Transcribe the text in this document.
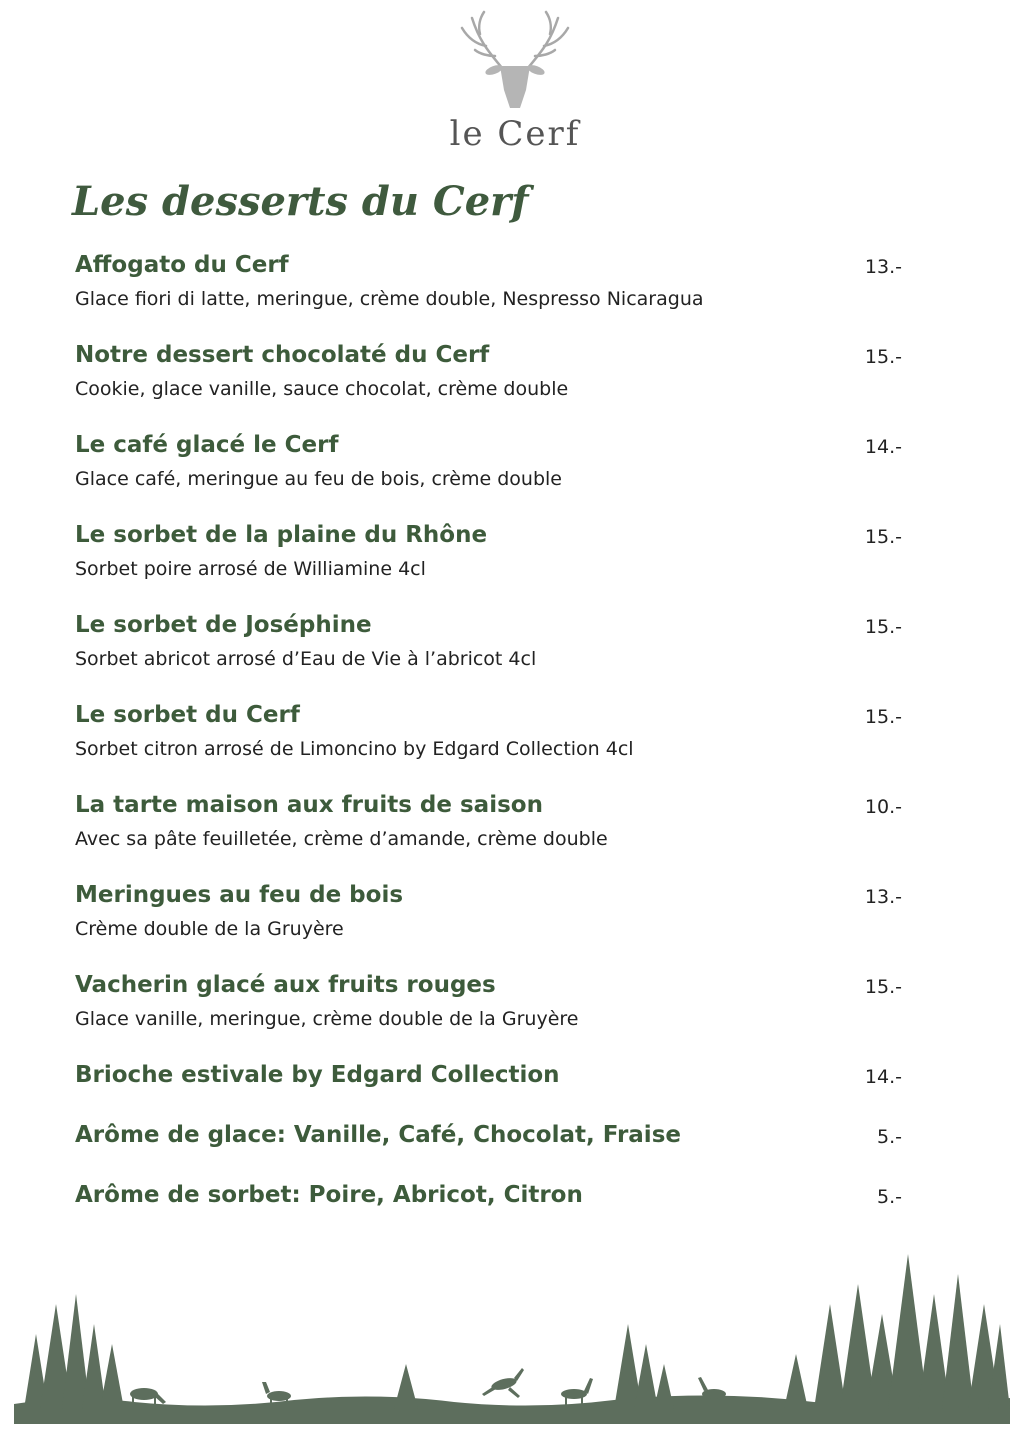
le Cerf
Les desserts du Cerf
Affogato du Cerf	13.-
Glace fiori di latte, meringue, crème double, Nespresso Nicaragua
Notre dessert chocolaté du Cerf	15.-
Cookie, glace vanille, sauce chocolat, crème double
Le café glacé le Cerf	14.-
Glace café, meringue au feu de bois, crème double
Le sorbet de la plaine du Rhône	15.-
Sorbet poire arrosé de Williamine 4cl
Le sorbet de Joséphine	15.-
Sorbet abricot arrosé d’Eau de Vie à l’abricot 4cl
Le sorbet du Cerf	15.-
Sorbet citron arrosé de Limoncino by Edgard Collection 4cl
La tarte maison aux fruits de saison	10.-
Avec sa pâte feuilletée, crème d’amande, crème double
Meringues au feu de bois	13.-
Crème double de la Gruyère
Vacherin glacé aux fruits rouges	15.-
Glace vanille, meringue, crème double de la Gruyère
Brioche estivale by Edgard Collection	14.-
Arôme de glace: Vanille, Café, Chocolat, Fraise	5.-
Arôme de sorbet: Poire, Abricot, Citron	5.-
